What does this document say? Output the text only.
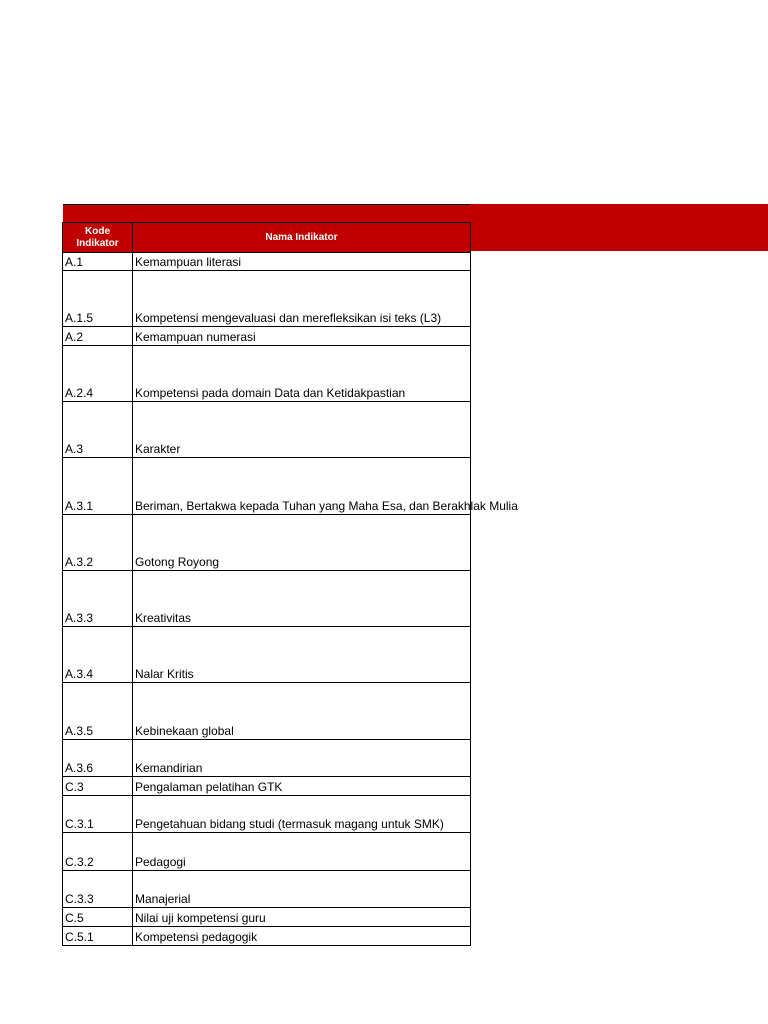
Kode Indikator	Nama Indikator
A.1	Kemampuan literasi
A.1.5	Kompetensi mengevaluasi dan merefleksikan isi teks (L3)
A.2	Kemampuan numerasi
A.2.4	Kompetensi pada domain Data dan Ketidakpastian
A.3	Karakter
A.3.1	Beriman, Bertakwa kepada Tuhan yang Maha Esa, dan Berakhlak Mulia
A.3.2	Gotong Royong
A.3.3	Kreativitas
A.3.4	Nalar Kritis
A.3.5	Kebinekaan global
A.3.6	Kemandirian
C.3	Pengalaman pelatihan GTK
C.3.1	Pengetahuan bidang studi (termasuk magang untuk SMK)
C.3.2	Pedagogi
C.3.3	Manajerial
C.5	Nilai uji kompetensi guru
C.5.1	Kompetensi pedagogik
